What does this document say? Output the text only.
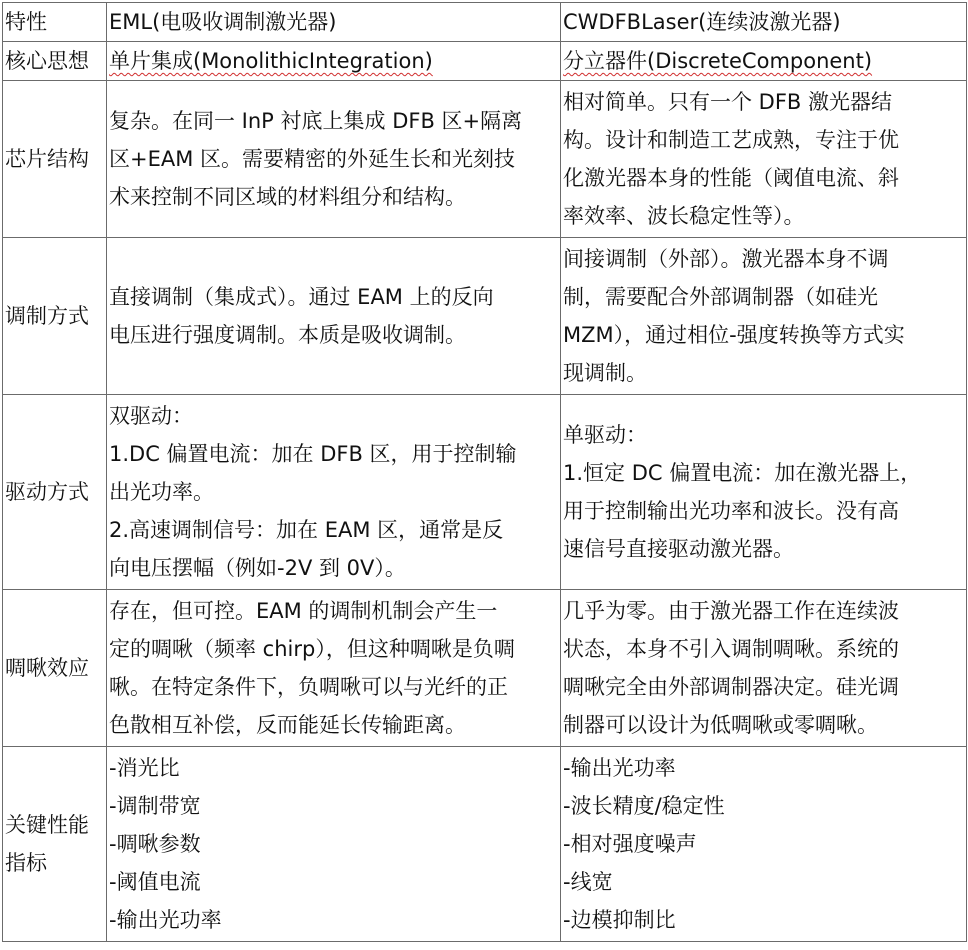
特性	EML(电吸收调制激光器)	CWDFBLaser(连续波激光器)
核心思想	单片集成(MonolithicIntegration)	分立器件(DiscreteComponent)
芯片结构	复杂。在同一 InP 衬底上集成 DFB 区+隔离
区+EAM 区。需要精密的外延生长和光刻技
术来控制不同区域的材料组分和结构。	相对简单。只有一个 DFB 激光器结
构。设计和制造工艺成熟，专注于优
化激光器本身的性能（阈值电流、斜
率效率、波长稳定性等）。

调制方式	直接调制（集成式）。通过 EAM 上的反向
电压进行强度调制。本质是吸收调制。	间接调制（外部）。激光器本身不调
制，需要配合外部调制器（如硅光
MZM），通过相位-强度转换等方式实
现调制。

驱动方式	双驱动：
1.DC 偏置电流：加在 DFB 区，用于控制输
出光功率。
2.高速调制信号：加在 EAM 区，通常是反
向电压摆幅（例如-2V 到 0V）。	单驱动：
1.恒定 DC 偏置电流：加在激光器上，
用于控制输出光功率和波长。没有高
速信号直接驱动激光器。

啁啾效应	存在，但可控。EAM 的调制机制会产生一
定的啁啾（频率 chirp），但这种啁啾是负啁
啾。在特定条件下，负啁啾可以与光纤的正
色散相互补偿，反而能延长传输距离。	几乎为零。由于激光器工作在连续波
状态，本身不引入调制啁啾。系统的
啁啾完全由外部调制器决定。硅光调
制器可以设计为低啁啾或零啁啾。

关键性能
指标	-消光比
-调制带宽
-啁啾参数
-阈值电流
-输出光功率	-输出光功率
-波长精度/稳定性
-相对强度噪声
-线宽
-边模抑制比
